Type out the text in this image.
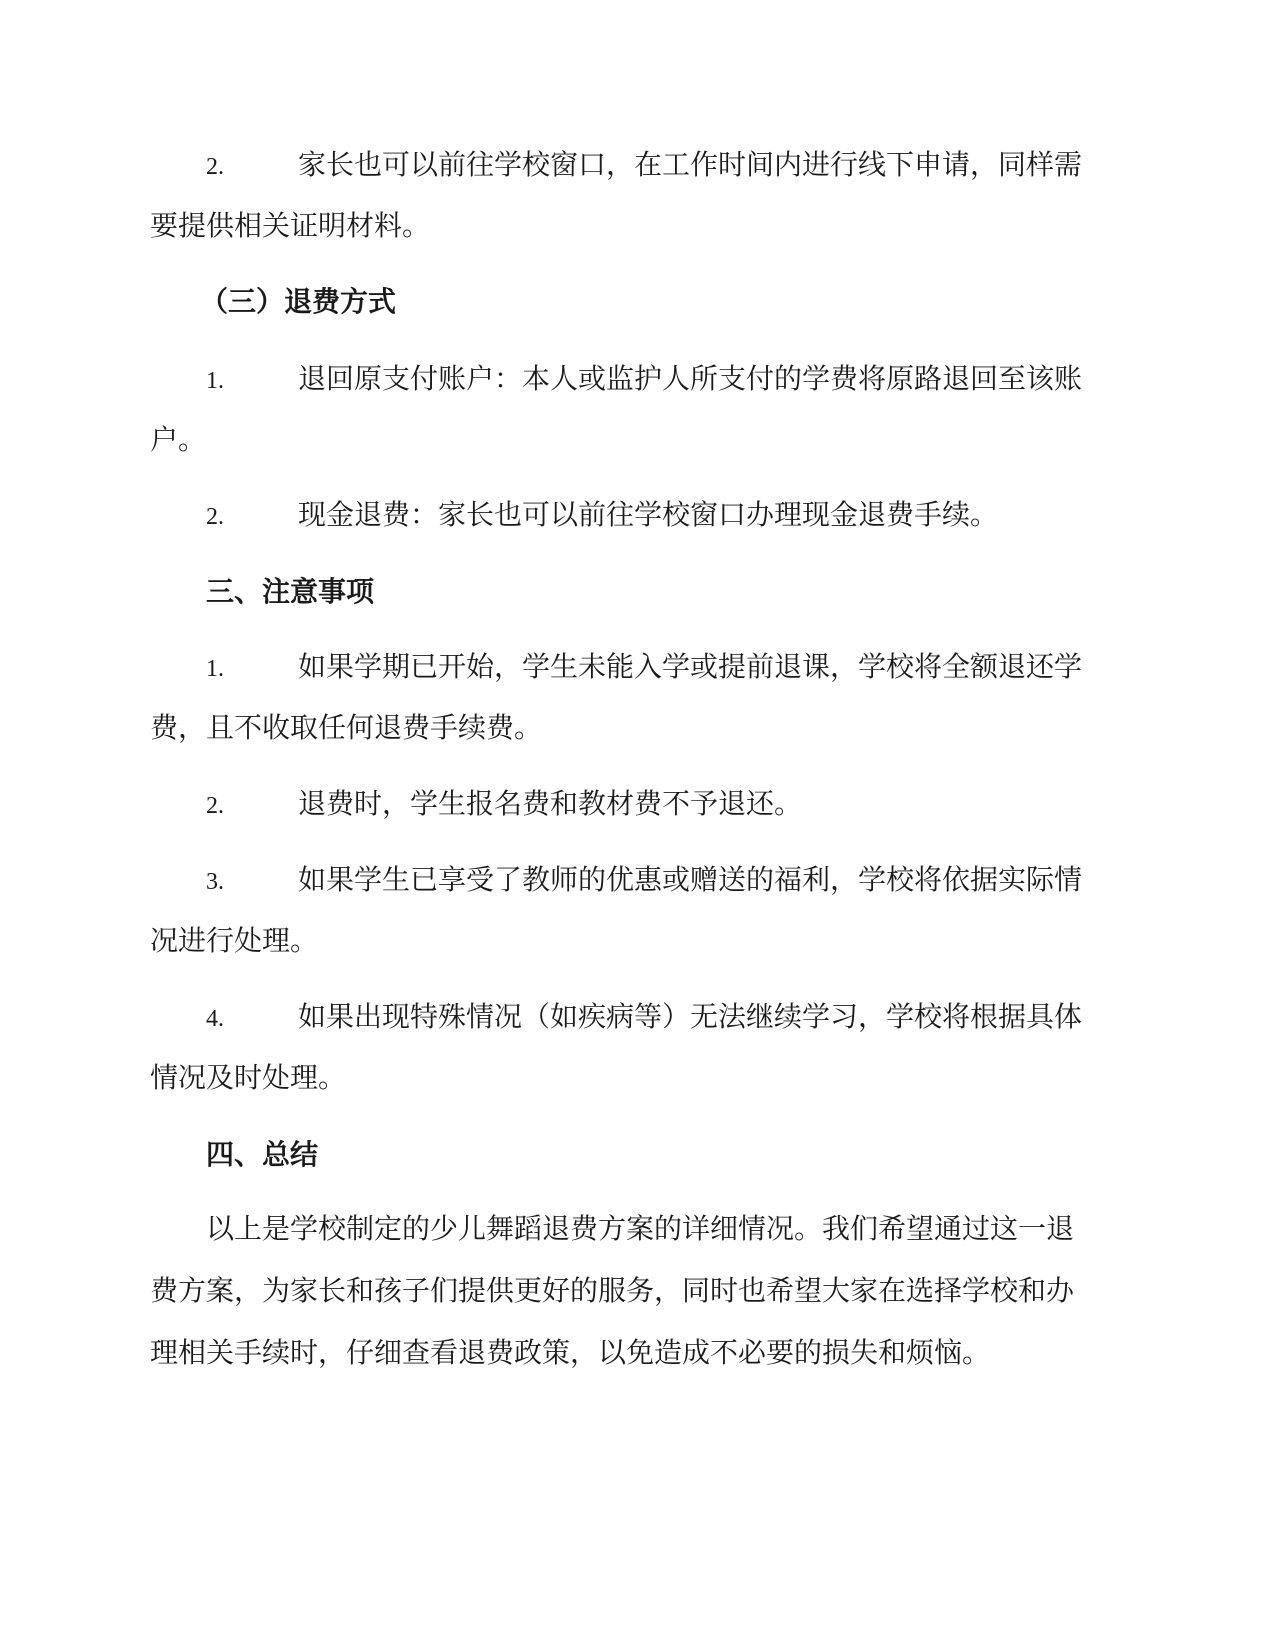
2.	家长也可以前往学校窗口，在工作时间内进行线下申请，同样需
要提供相关证明材料。
（三）退费方式
1.	退回原支付账户：本人或监护人所支付的学费将原路退回至该账
户。
2.	现金退费：家长也可以前往学校窗口办理现金退费手续。
三、注意事项
1.	如果学期已开始，学生未能入学或提前退课，学校将全额退还学
费，且不收取任何退费手续费。
2.	退费时，学生报名费和教材费不予退还。
3.	如果学生已享受了教师的优惠或赠送的福利，学校将依据实际情
况进行处理。
4.	如果出现特殊情况（如疾病等）无法继续学习，学校将根据具体
情况及时处理。
四、总结
以上是学校制定的少儿舞蹈退费方案的详细情况。我们希望通过这一退
费方案，为家长和孩子们提供更好的服务，同时也希望大家在选择学校和办
理相关手续时，仔细查看退费政策，以免造成不必要的损失和烦恼。
